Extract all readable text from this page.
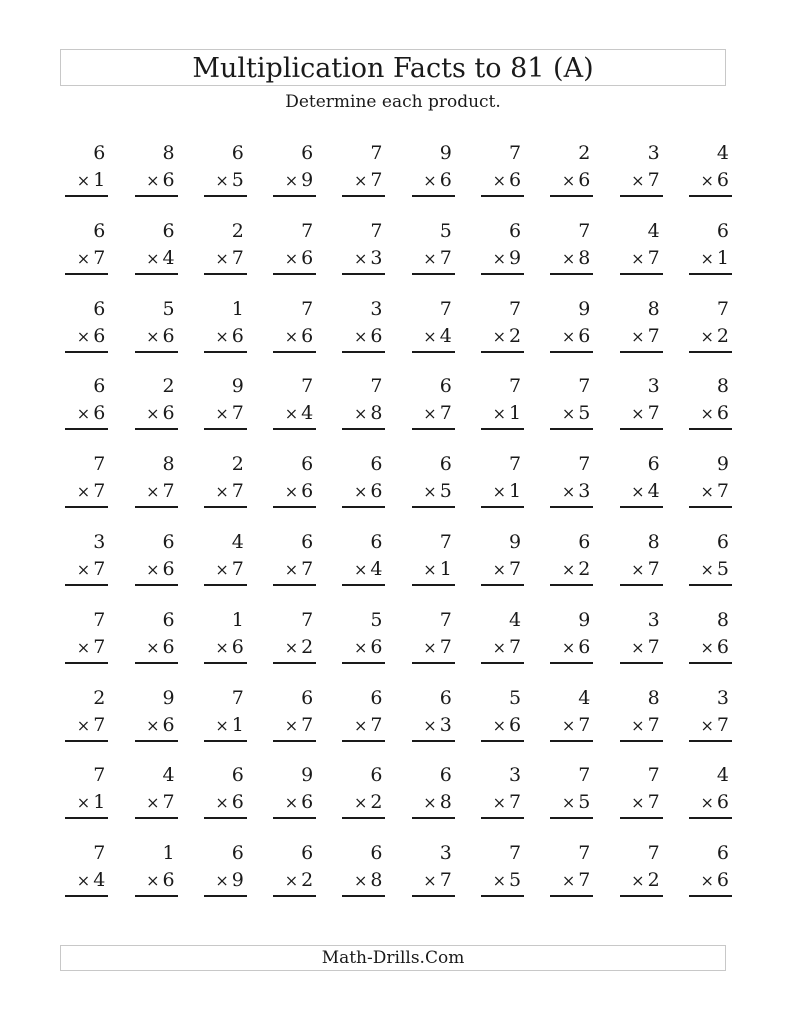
Multiplication Facts to 81 (A)
Determine each product.
6
× 1
8
× 6
6
× 5
6
× 9
7
× 7
9
× 6
7
× 6
2
× 6
3
× 7
4
× 6
6
× 7
6
× 4
2
× 7
7
× 6
7
× 3
5
× 7
6
× 9
7
× 8
4
× 7
6
× 1
6
× 6
5
× 6
1
× 6
7
× 6
3
× 6
7
× 4
7
× 2
9
× 6
8
× 7
7
× 2
6
× 6
2
× 6
9
× 7
7
× 4
7
× 8
6
× 7
7
× 1
7
× 5
3
× 7
8
× 6
7
× 7
8
× 7
2
× 7
6
× 6
6
× 6
6
× 5
7
× 1
7
× 3
6
× 4
9
× 7
3
× 7
6
× 6
4
× 7
6
× 7
6
× 4
7
× 1
9
× 7
6
× 2
8
× 7
6
× 5
7
× 7
6
× 6
1
× 6
7
× 2
5
× 6
7
× 7
4
× 7
9
× 6
3
× 7
8
× 6
2
× 7
9
× 6
7
× 1
6
× 7
6
× 7
6
× 3
5
× 6
4
× 7
8
× 7
3
× 7
7
× 1
4
× 7
6
× 6
9
× 6
6
× 2
6
× 8
3
× 7
7
× 5
7
× 7
4
× 6
7
× 4
1
× 6
6
× 9
6
× 2
6
× 8
3
× 7
7
× 5
7
× 7
7
× 2
6
× 6
Math-Drills.Com
